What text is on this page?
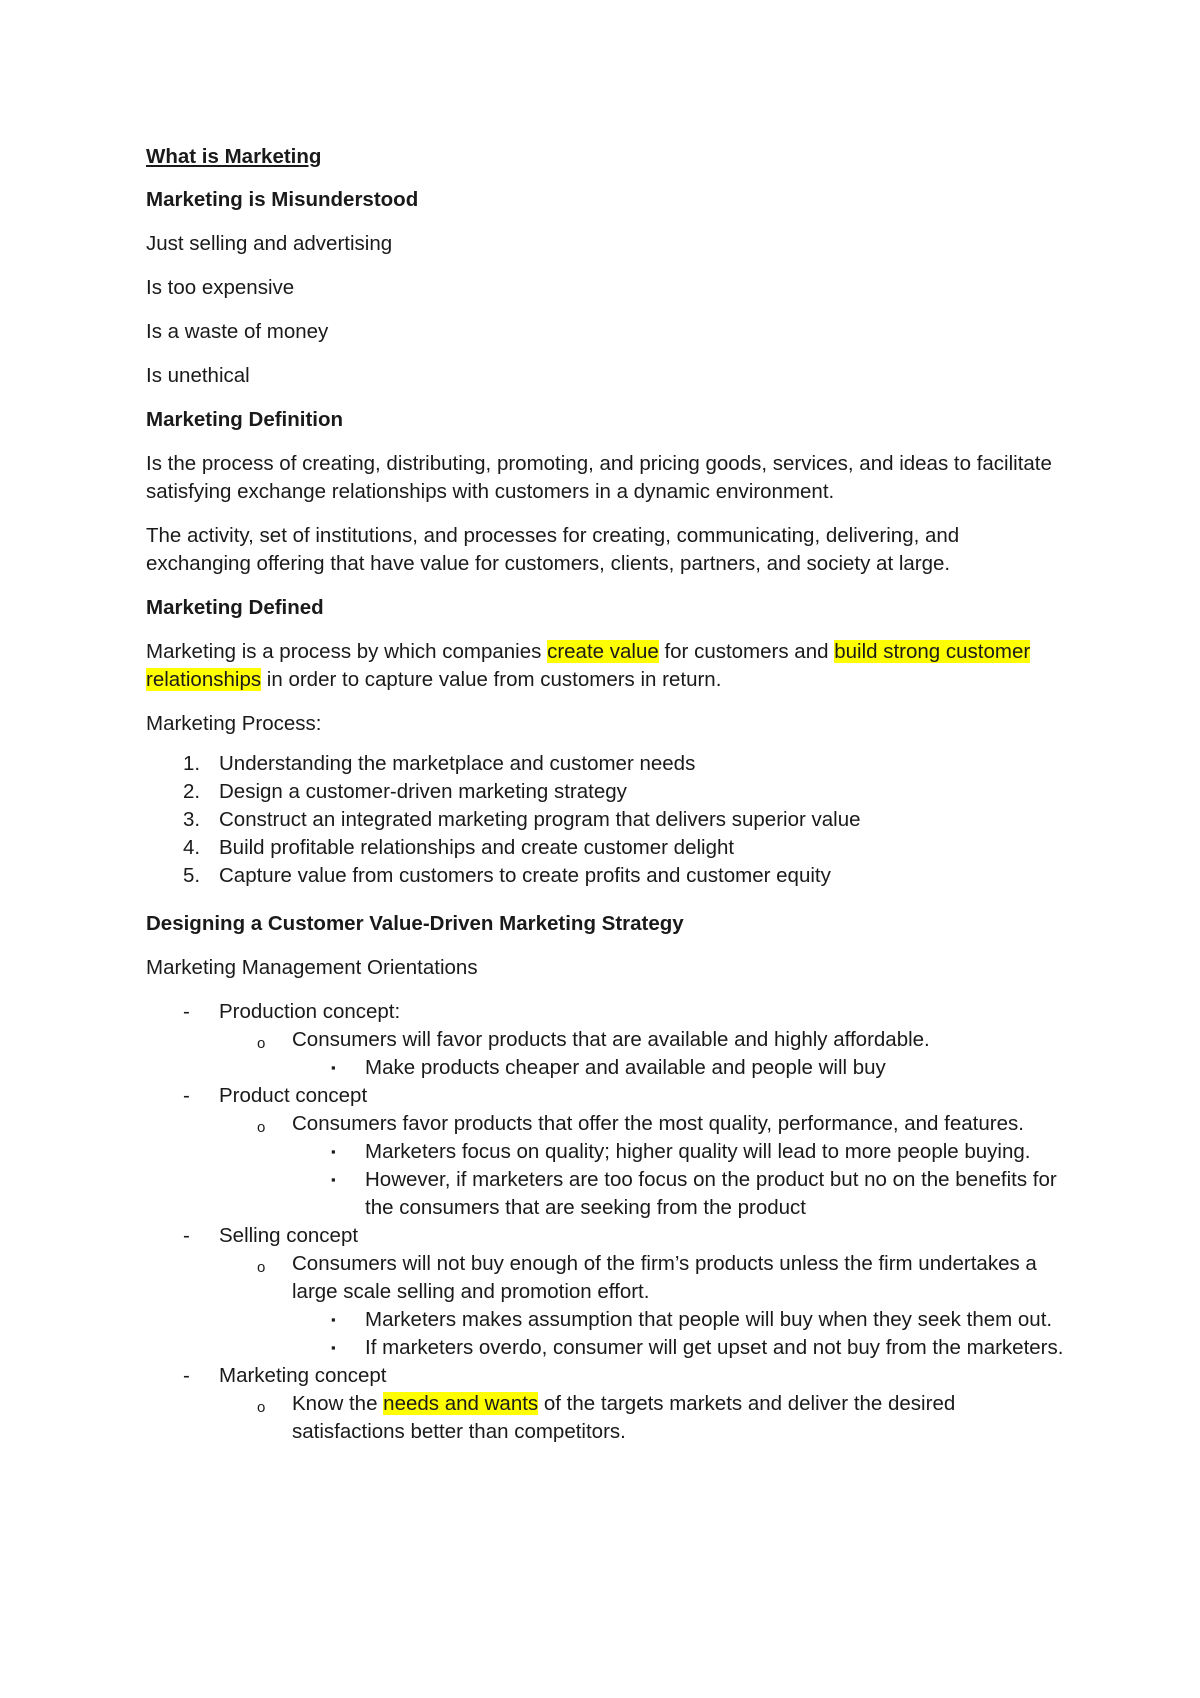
What is Marketing

Marketing is Misunderstood

Just selling and advertising

Is too expensive

Is a waste of money

Is unethical

Marketing Definition

Is the process of creating, distributing, promoting, and pricing goods, services, and ideas to facilitate satisfying exchange relationships with customers in a dynamic environment.

The activity, set of institutions, and processes for creating, communicating, delivering, and exchanging offering that have value for customers, clients, partners, and society at large.

Marketing Defined

Marketing is a process by which companies create value for customers and build strong customer relationships in order to capture value from customers in return.

Marketing Process:

1. Understanding the marketplace and customer needs
2. Design a customer-driven marketing strategy
3. Construct an integrated marketing program that delivers superior value
4. Build profitable relationships and create customer delight
5. Capture value from customers to create profits and customer equity

Designing a Customer Value-Driven Marketing Strategy

Marketing Management Orientations

- Production concept:
o Consumers will favor products that are available and highly affordable.
▪ Make products cheaper and available and people will buy
- Product concept
o Consumers favor products that offer the most quality, performance, and features.
▪ Marketers focus on quality; higher quality will lead to more people buying.
▪ However, if marketers are too focus on the product but no on the benefits for the consumers that are seeking from the product
- Selling concept
o Consumers will not buy enough of the firm’s products unless the firm undertakes a large scale selling and promotion effort.
▪ Marketers makes assumption that people will buy when they seek them out.
▪ If marketers overdo, consumer will get upset and not buy from the marketers.
- Marketing concept
o Know the needs and wants of the targets markets and deliver the desired satisfactions better than competitors.
